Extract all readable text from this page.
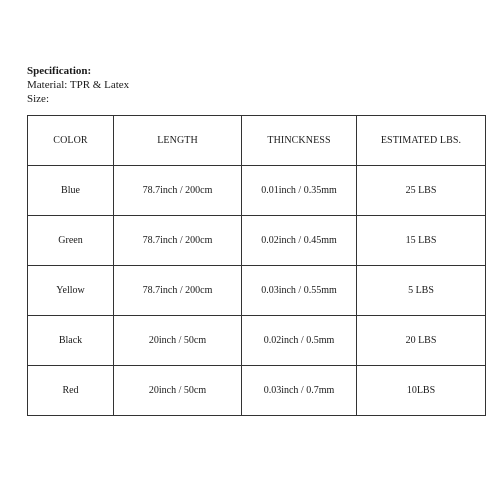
Specification:
Material: TPR & Latex
Size:
COLOR	LENGTH	THINCKNESS	ESTIMATED LBS.
Blue	78.7inch / 200cm	0.01inch / 0.35mm	25 LBS
Green	78.7inch / 200cm	0.02inch / 0.45mm	15 LBS
Yellow	78.7inch / 200cm	0.03inch / 0.55mm	5 LBS
Black	20inch / 50cm	0.02inch / 0.5mm	20 LBS
Red	20inch / 50cm	0.03inch / 0.7mm	10LBS
